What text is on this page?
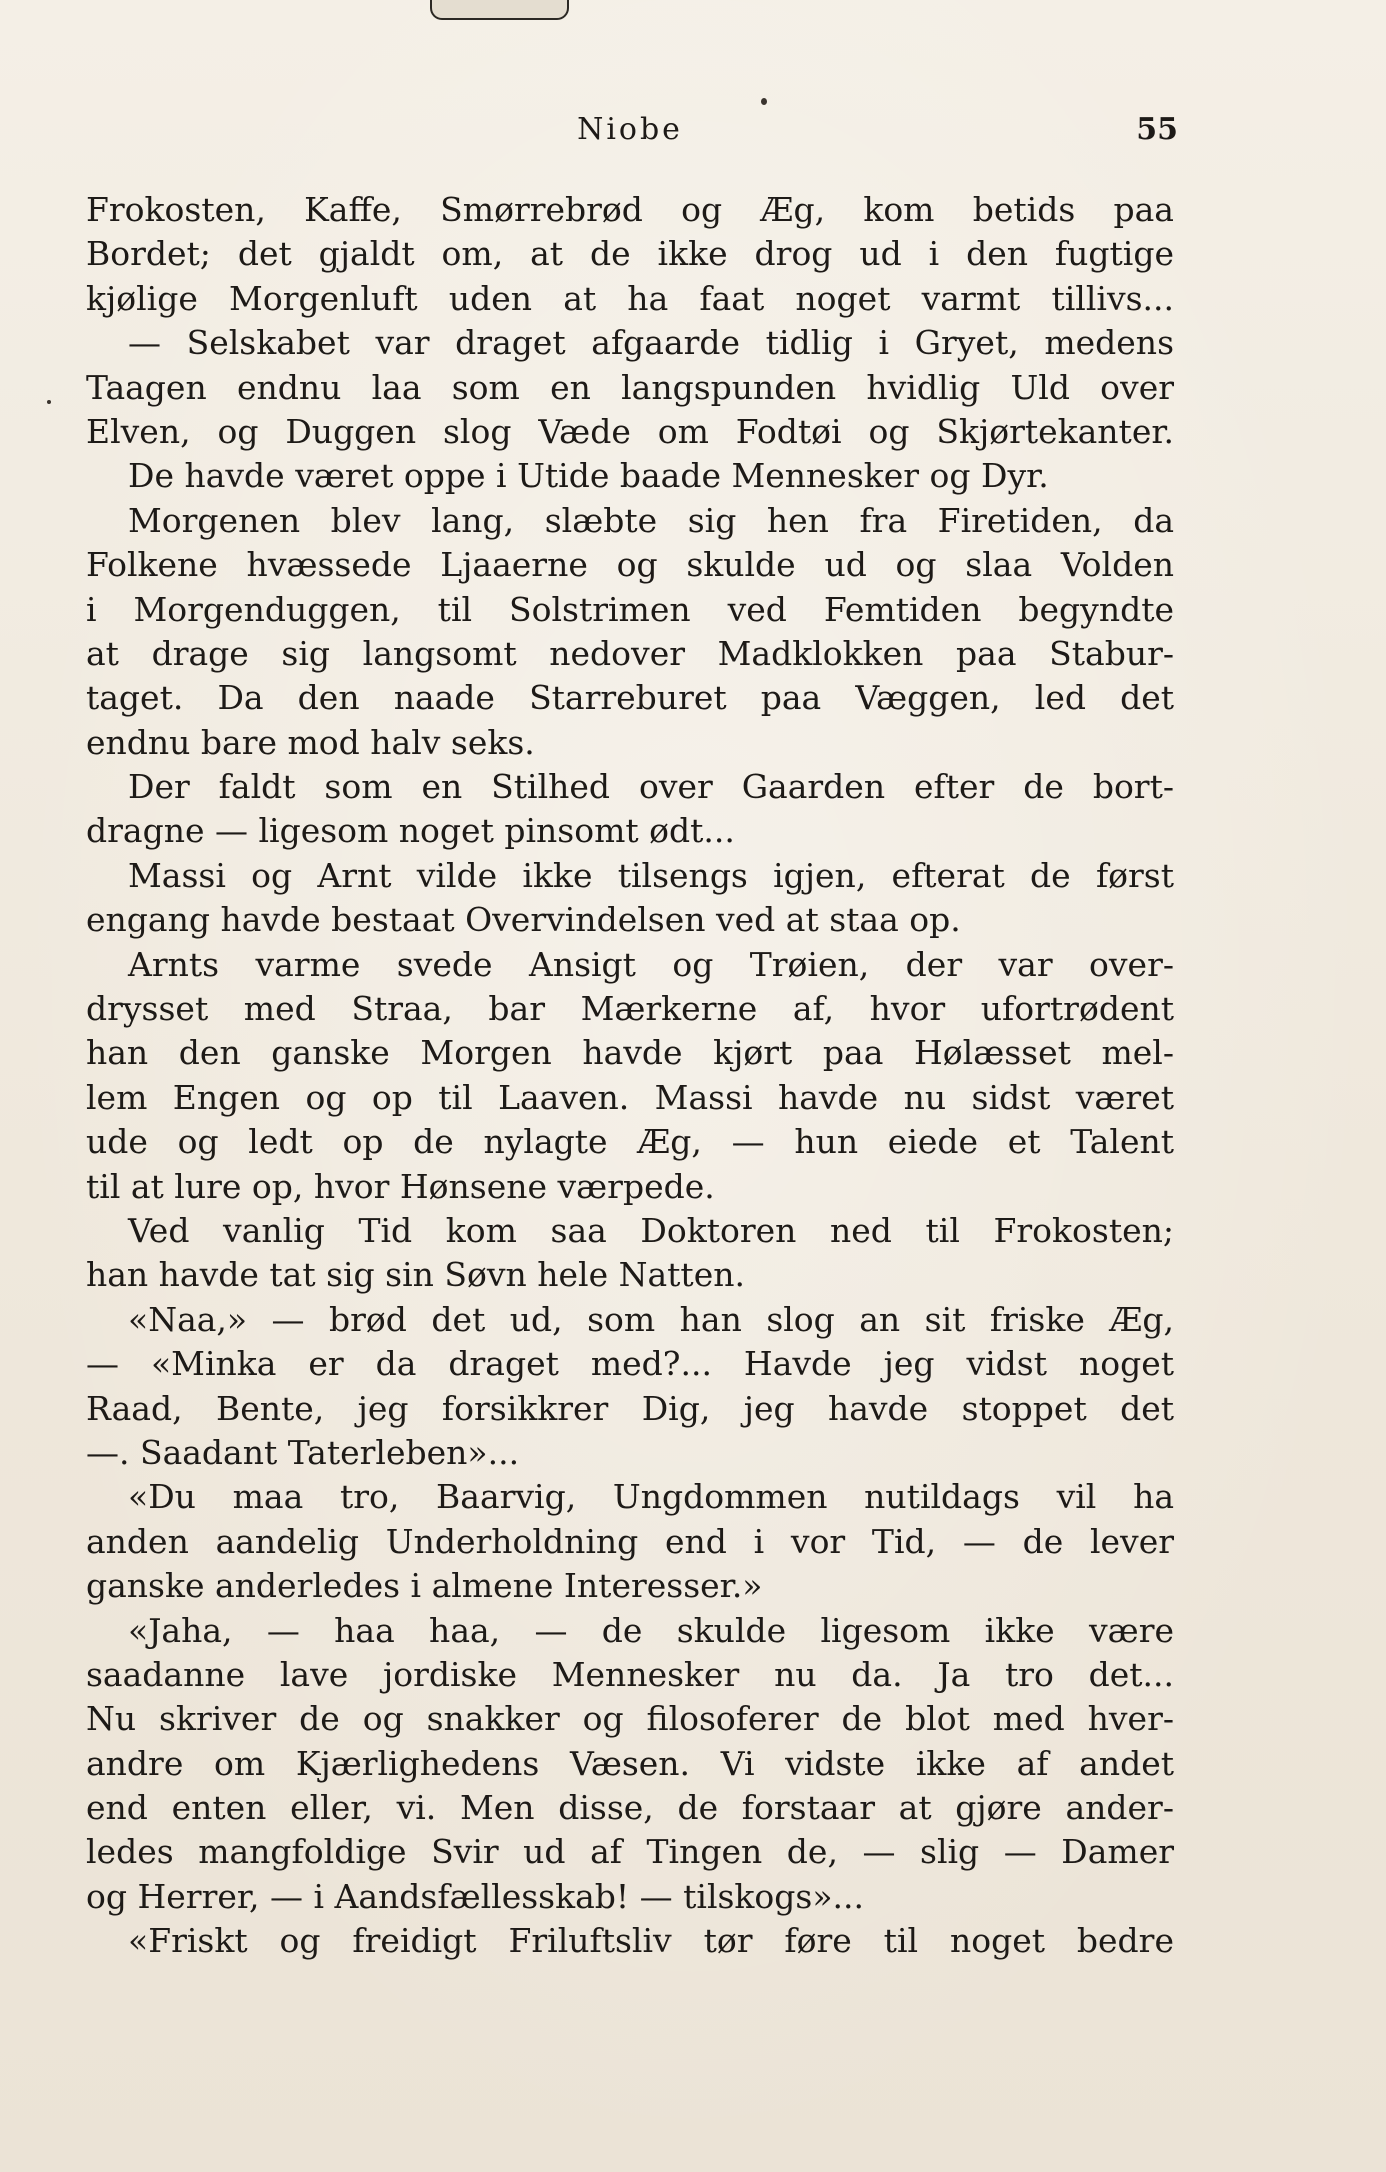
Niobe	55
Frokosten, Kaffe, Smørrebrød og Æg, kom betids paa
Bordet; det gjaldt om, at de ikke drog ud i den fugtige
kjølige Morgenluft uden at ha faat noget varmt tillivs...
— Selskabet var draget afgaarde tidlig i Gryet, medens
Taagen endnu laa som en langspunden hvidlig Uld over
Elven, og Duggen slog Væde om Fodtøi og Skjørtekanter.
De havde været oppe i Utide baade Mennesker og Dyr.
Morgenen blev lang, slæbte sig hen fra Firetiden, da
Folkene hvæssede Ljaaerne og skulde ud og slaa Volden
i Morgenduggen, til Solstrimen ved Femtiden begyndte
at drage sig langsomt nedover Madklokken paa Stabur-
taget. Da den naade Starreburet paa Væggen, led det
endnu bare mod halv seks.
Der faldt som en Stilhed over Gaarden efter de bort-
dragne — ligesom noget pinsomt ødt...
Massi og Arnt vilde ikke tilsengs igjen, efterat de først
engang havde bestaat Overvindelsen ved at staa op.
Arnts varme svede Ansigt og Trøien, der var over-
drysset med Straa, bar Mærkerne af, hvor ufortrødent
han den ganske Morgen havde kjørt paa Hølæsset mel-
lem Engen og op til Laaven. Massi havde nu sidst været
ude og ledt op de nylagte Æg, — hun eiede et Talent
til at lure op, hvor Hønsene værpede.
Ved vanlig Tid kom saa Doktoren ned til Frokosten;
han havde tat sig sin Søvn hele Natten.
«Naa,» — brød det ud, som han slog an sit friske Æg,
— «Minka er da draget med?... Havde jeg vidst noget
Raad, Bente, jeg forsikkrer Dig, jeg havde stoppet det
—. Saadant Taterleben»...
«Du maa tro, Baarvig, Ungdommen nutildags vil ha
anden aandelig Underholdning end i vor Tid, — de lever
ganske anderledes i almene Interesser.»
«Jaha, — haa haa, — de skulde ligesom ikke være
saadanne lave jordiske Mennesker nu da. Ja tro det...
Nu skriver de og snakker og filosoferer de blot med hver-
andre om Kjærlighedens Væsen. Vi vidste ikke af andet
end enten eller, vi. Men disse, de forstaar at gjøre ander-
ledes mangfoldige Svir ud af Tingen de, — slig — Damer
og Herrer, — i Aandsfællesskab! — tilskogs»...
«Friskt og freidigt Friluftsliv tør føre til noget bedre
